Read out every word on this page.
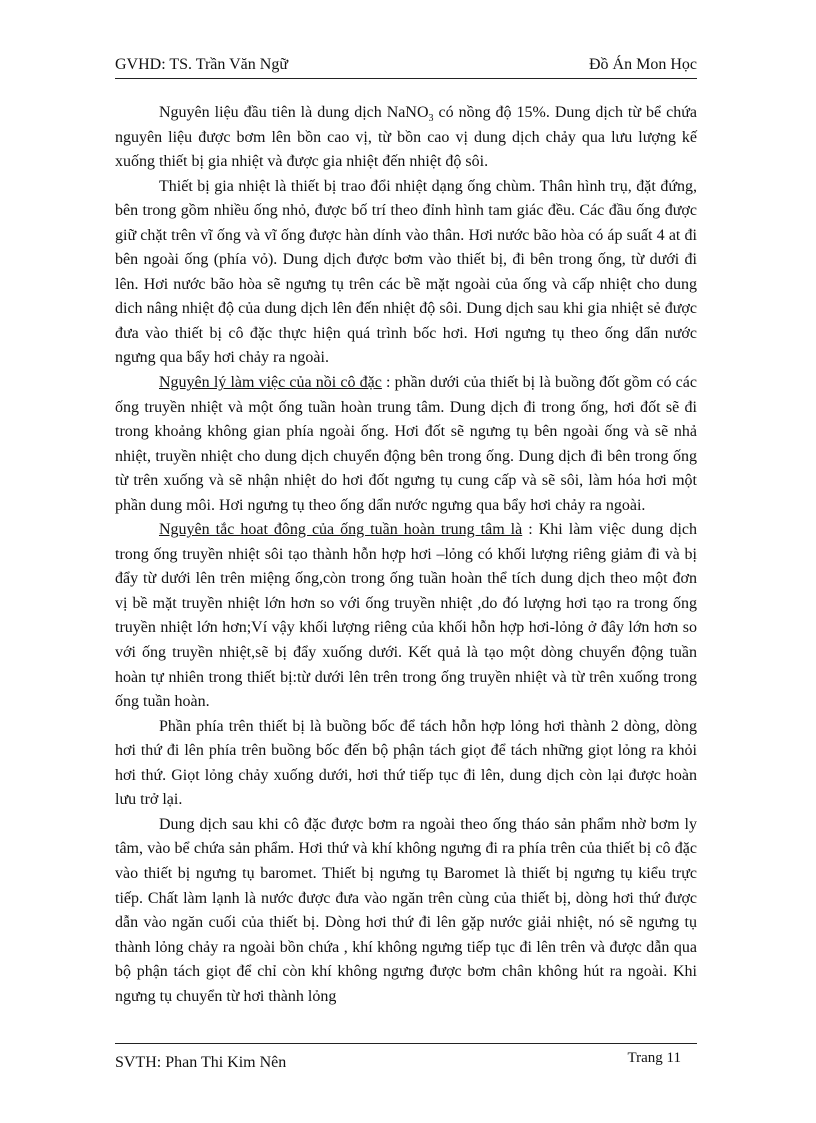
GVHD: TS. Trần Văn Ngữ	Đồ Án Mon Học

Nguyên liệu đầu tiên là dung dịch NaNO$_3$ có nồng độ 15%. Dung dịch từ bể chứa nguyên liệu được bơm lên bồn cao vị, từ bồn cao vị dung dịch chảy qua lưu lượng kế xuống thiết bị gia nhiệt và được gia nhiệt đến nhiệt độ sôi.

Thiết bị gia nhiệt là thiết bị trao đổi nhiệt dạng ống chùm. Thân hình trụ, đặt đứng, bên trong gồm nhiều ống nhỏ, được bố trí theo đỉnh hình tam giác đều. Các đầu ống được giữ chặt trên vĩ ống và vĩ ống được hàn dính vào thân. Hơi nước bão hòa có áp suất 4 at đi bên ngoài ống (phía vỏ). Dung dịch được bơm vào thiết bị, đi bên trong ống, từ dưới đi lên. Hơi nước bão hòa sẽ ngưng tụ trên các bề mặt ngoài của ống và cấp nhiệt cho dung dich nâng nhiệt độ của dung dịch lên đến nhiệt độ sôi. Dung dịch sau khi gia nhiệt sẻ được đưa vào thiết bị cô đặc thực hiện quá trình bốc hơi. Hơi ngưng tụ theo ống dẩn nước ngưng qua bẩy hơi chảy ra ngoài.

Nguyên lý làm việc của nồi cô đặc : phần dưới của thiết bị là buồng đốt gồm có các ống truyền nhiệt và một ống tuần hoàn trung tâm. Dung dịch đi trong ống, hơi đốt sẽ đi trong khoảng không gian phía ngoài ống. Hơi đốt sẽ ngưng tụ bên ngoài ống và sẽ nhả nhiệt, truyền nhiệt cho dung dịch chuyển động bên trong ống. Dung dịch đi bên trong ống từ trên xuống và sẽ nhận nhiệt do hơi đốt ngưng tụ cung cấp và sẽ sôi, làm hóa hơi một phần dung môi. Hơi ngưng tụ theo ống dẩn nước ngưng qua bẩy hơi chảy ra ngoài.

Nguyên tắc hoat đông của ống tuần hoàn trung tâm là : Khi làm việc dung dịch trong ống truyền nhiệt sôi tạo thành hỗn hợp hơi –lỏng có khối lượng riêng giảm đi và bị đẩy từ dưới lên trên miệng ống,còn trong ống tuần hoàn thể tích dung dịch theo một đơn vị bề mặt truyền nhiệt lớn hơn so với ống truyền nhiệt ,do đó lượng hơi tạo ra trong ống truyền nhiệt lớn hơn;Ví vậy khối lượng riêng của khối hỗn hợp hơi-lỏng ở đây lớn hơn so với ống truyền nhiệt,sẽ bị đẩy xuống dưới. Kết quả là tạo một dòng chuyển động tuần hoàn tự nhiên trong thiết bị:từ dưới lên trên trong ống truyền nhiệt và từ trên xuống trong ống tuần hoàn.

Phần phía trên thiết bị là buồng bốc để tách hỗn hợp lỏng hơi thành 2 dòng, dòng hơi thứ đi lên phía trên buồng bốc đến bộ phận tách giọt để tách những giọt lỏng ra khỏi hơi thứ. Giọt lỏng chảy xuống dưới, hơi thứ tiếp tục đi lên, dung dịch còn lại được hoàn lưu trở lại.

Dung dịch sau khi cô đặc được bơm ra ngoài theo ống tháo sản phẩm nhờ bơm ly tâm, vào bể chứa sản phẩm. Hơi thứ và khí không ngưng đi ra phía trên của thiết bị cô đặc vào thiết bị ngưng tụ baromet. Thiết bị ngưng tụ Baromet là thiết bị ngưng tụ kiểu trực tiếp. Chất làm lạnh là nước được đưa vào ngăn trên cùng của thiết bị, dòng hơi thứ được dẫn vào ngăn cuối của thiết bị. Dòng hơi thứ đi lên gặp nước giải nhiệt, nó sẽ ngưng tụ thành lỏng chảy ra ngoài bồn chứa , khí không ngưng tiếp tục đi lên trên và được dẫn qua bộ phận tách giọt để chỉ còn khí không ngưng được bơm chân không hút ra ngoài. Khi ngưng tụ chuyển từ hơi thành lỏng

SVTH: Phan Thi Kim Nên	Trang 11
